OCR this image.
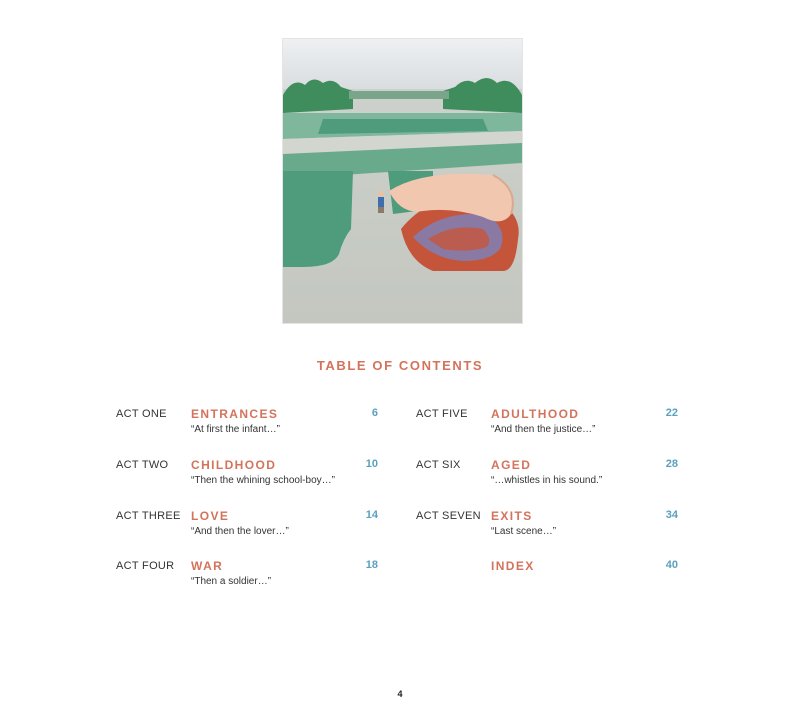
TABLE OF CONTENTS
ACT ONE ENTRANCES	6
“At first the infant…”
ACT TWO CHILDHOOD	10
“Then the whining school-boy…”
ACT THREE LOVE	14
“And then the lover…”
ACT FOUR WAR	18
“Then a soldier…”
ACT FIVE ADULTHOOD	22
“And then the justice…”
ACT SIX	AGED	28
“…whistles in his sound.”
ACT SEVEN EXITS	34
“Last scene…”
INDEX	40
4
